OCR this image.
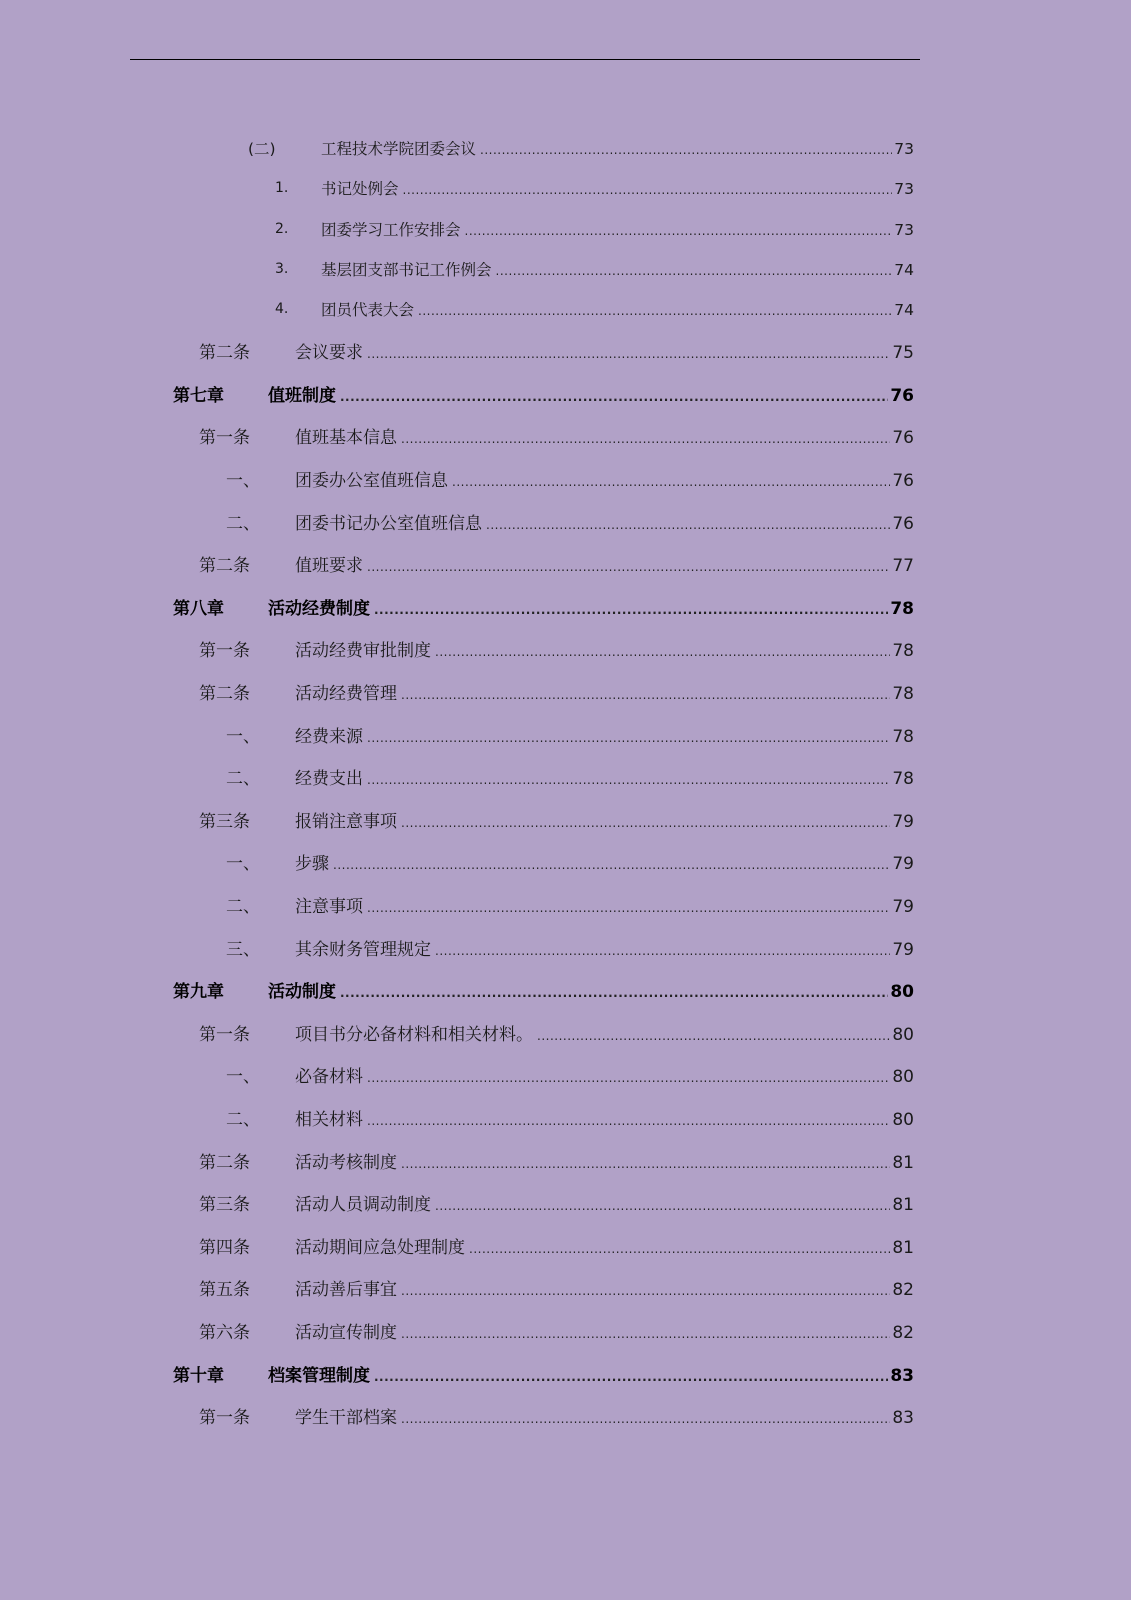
(二)	工程技术学院团委会议 .....	73
1. 书记处例会 .....	73
2. 团委学习工作安排会 .....	73
3. 基层团支部书记工作例会 .....	74
4. 团员代表大会 .....	74
第二条	会议要求 .....	75
第七章	值班制度 .....	76
第一条	值班基本信息 .....	76
一、 团委办公室值班信息 .....	76
二、 团委书记办公室值班信息 .....	76
第二条	值班要求 .....	77
第八章	活动经费制度 .....	78
第一条	活动经费审批制度 .....	78
第二条	活动经费管理 .....	78
一、 经费来源 .....	78
二、 经费支出 .....	78
第三条	报销注意事项 .....	79
一、 步骤 .....	79
二、 注意事项 .....	79
三、 其余财务管理规定 .....	79
第九章	活动制度 .....	80
第一条	项目书分必备材料和相关材料。 .....	80
一、 必备材料 .....	80
二、 相关材料 .....	80
第二条	活动考核制度 .....	81
第三条	活动人员调动制度 .....	81
第四条	活动期间应急处理制度 .....	81
第五条	活动善后事宜 .....	82
第六条	活动宣传制度 .....	82
第十章	档案管理制度 .....	83
第一条	学生干部档案 .....	83
